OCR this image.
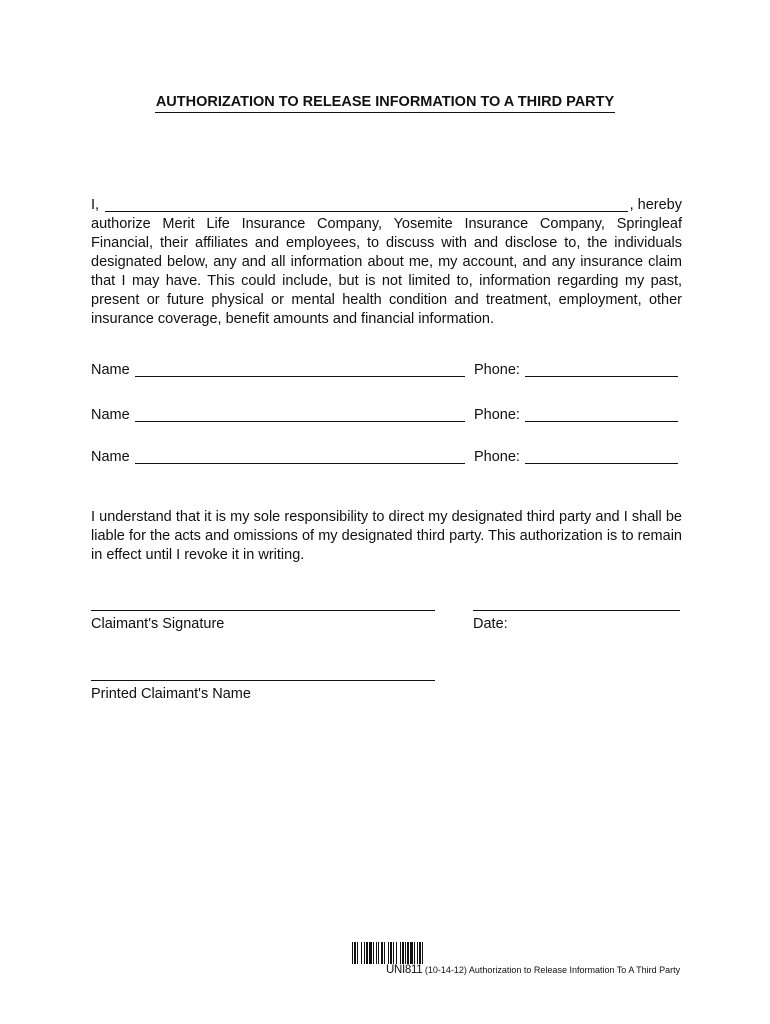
AUTHORIZATION TO RELEASE INFORMATION TO A THIRD PARTY
I,	, hereby
authorize Merit Life Insurance Company, Yosemite Insurance Company, Springleaf Financial, their affiliates and employees, to discuss with and disclose to, the individuals designated below, any and all information about me, my account, and any insurance claim that I may have. This could include, but is not limited to, information regarding my past, present or future physical or mental health condition and treatment, employment, other insurance coverage, benefit amounts and financial information.
Name	Phone:
Name	Phone:
Name	Phone:
I understand that it is my sole responsibility to direct my designated third party and I shall be liable for the acts and omissions of my designated third party. This authorization is to remain in effect until I revoke it in writing.
Claimant's Signature	Date:
Printed Claimant's Name
UNI811 (10-14-12) Authorization to Release Information To A Third Party
